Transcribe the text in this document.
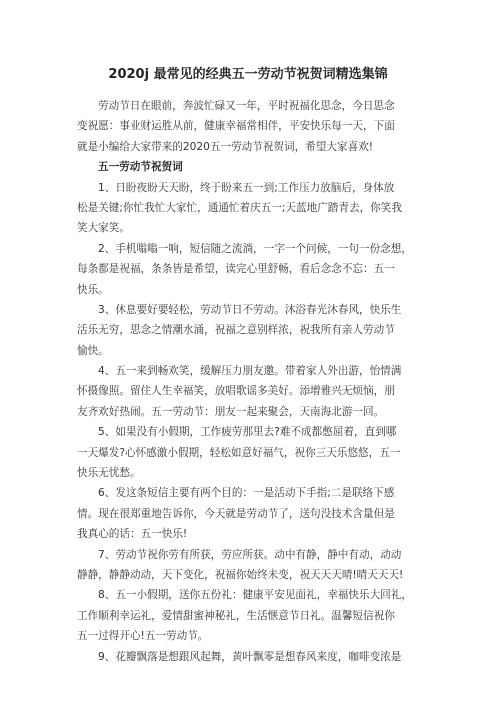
2020j 最常见的经典五一劳动节祝贺词精选集锦
劳动节日在眼前，奔波忙碌又一年，平时祝福化思念，今日思念
变祝愿：事业财运胜从前，健康幸福常相伴，平安快乐每一天，下面
就是小编给大家带来的2020五一劳动节祝贺词，希望大家喜欢!
五一劳动节祝贺词
1、日盼夜盼天天盼，终于盼来五一到;工作压力放脑后，身体放
松是关键;你忙我忙大家忙，通通忙着庆五一;天蓝地广踏青去，你笑我
笑大家笑。
2、手机嗡嗡一响，短信随之流淌，一字一个问候，一句一份念想，
每条都是祝福，条条皆是希望，读完心里舒畅，看后念念不忘：五一
快乐。
3、休息要好要轻松，劳动节日不劳动。沐浴春光沐春风，快乐生
活乐无穷，思念之情潮水涌，祝福之意别样浓，祝我所有亲人劳动节
愉快。
4、五一来到畅欢笑，缓解压力朋友邀。带着家人外出游，怡情满
怀摄像照。留住人生幸福笑，放唱歌谣多美好。添增雅兴无烦恼，朋
友齐欢好热闹。五一劳动节：朋友一起来聚会，天南海北游一回。
5、如果没有小假期，工作疲劳那里去?难不成都憋屈着，直到哪
一天爆发?心怀感激小假期，轻松如意好福气，祝你三天乐悠悠，五一
快乐无忧愁。
6、发这条短信主要有两个目的：一是活动下手指;二是联络下感
情。现在很郑重地告诉你，今天就是劳动节了，送句没技术含量但是
我真心的话：五一快乐!
7、劳动节祝你劳有所获，劳应所获。动中有静，静中有动，动动
静静，静静动动，天下变化，祝福你始终未变，祝天天天晴!晴天天天!
8、五一小假期，送你五份礼：健康平安见面礼，幸福快乐大回礼，
工作顺利幸运礼，爱情甜蜜神秘礼，生活惬意节日礼。温馨短信祝你
五一过得开心!五一劳动节。
9、花瓣飘落是想跟风起舞，黄叶飘零是想春风来度，咖啡变浓是
